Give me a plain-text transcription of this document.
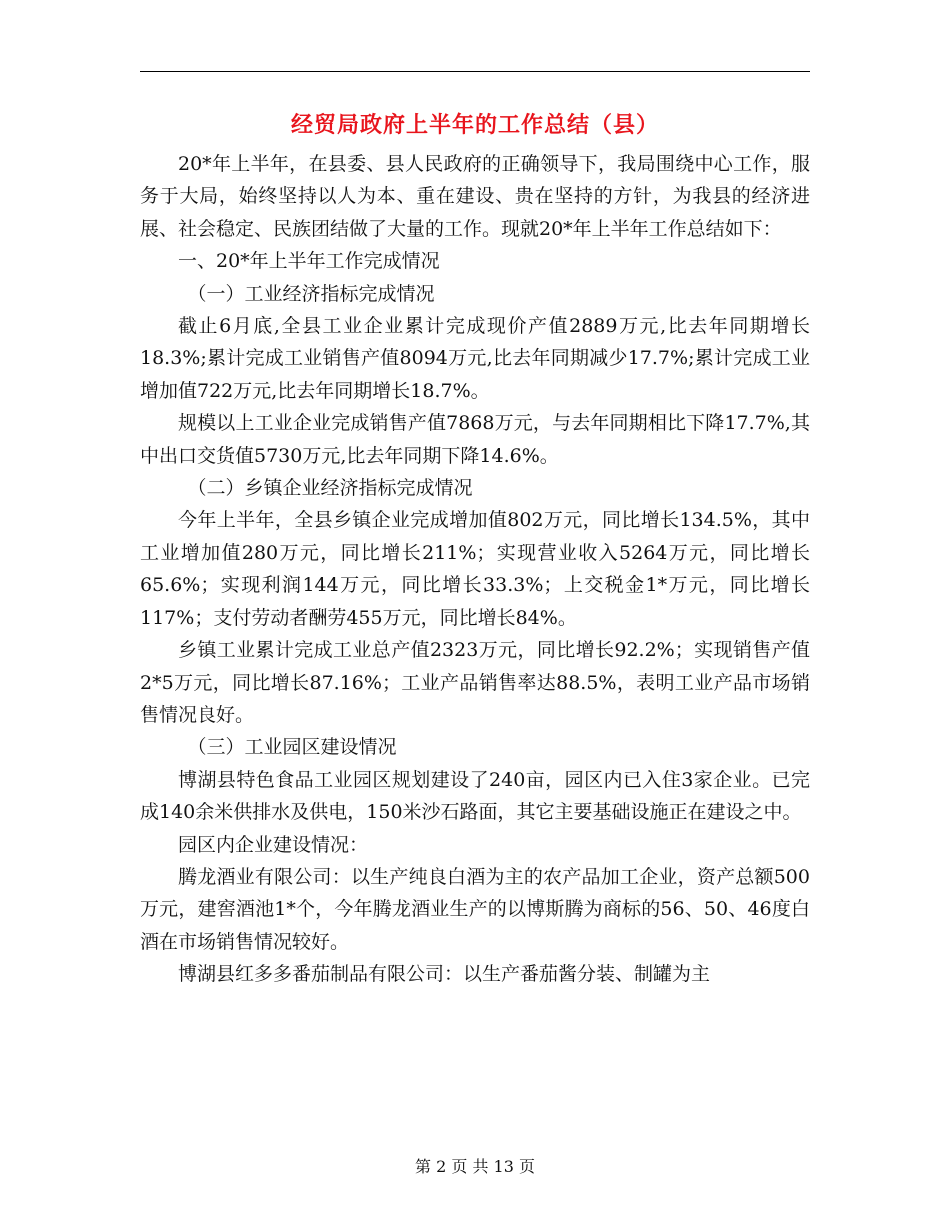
经贸局政府上半年的工作总结（县）

20*年上半年，在县委、县人民政府的正确领导下，我局围绕中心工作，服务于大局，始终坚持以人为本、重在建设、贵在坚持的方针，为我县的经济进展、社会稳定、民族团结做了大量的工作。现就20*年上半年工作总结如下：

一、20*年上半年工作完成情况

（一）工业经济指标完成情况

截止6月底,全县工业企业累计完成现价产值2889万元,比去年同期增长18.3%;累计完成工业销售产值8094万元,比去年同期减少17.7%;累计完成工业增加值722万元,比去年同期增长18.7%。

规模以上工业企业完成销售产值7868万元，与去年同期相比下降17.7%,其中出口交货值5730万元,比去年同期下降14.6%。

（二）乡镇企业经济指标完成情况

今年上半年，全县乡镇企业完成增加值802万元，同比增长134.5%，其中工业增加值280万元，同比增长211%；实现营业收入5264万元，同比增长65.6%；实现利润144万元，同比增长33.3%；上交税金1*万元，同比增长117%；支付劳动者酬劳455万元，同比增长84%。

乡镇工业累计完成工业总产值2323万元，同比增长92.2%；实现销售产值2*5万元，同比增长87.16%；工业产品销售率达88.5%，表明工业产品市场销售情况良好。

（三）工业园区建设情况

博湖县特色食品工业园区规划建设了240亩，园区内已入住3家企业。已完成140余米供排水及供电，150米沙石路面，其它主要基础设施正在建设之中。

园区内企业建设情况：

腾龙酒业有限公司：以生产纯良白酒为主的农产品加工企业，资产总额500万元，建窖酒池1*个，今年腾龙酒业生产的以博斯腾为商标的56、50、46度白酒在市场销售情况较好。

博湖县红多多番茄制品有限公司：以生产番茄酱分装、制罐为主

第 2 页 共 13 页
